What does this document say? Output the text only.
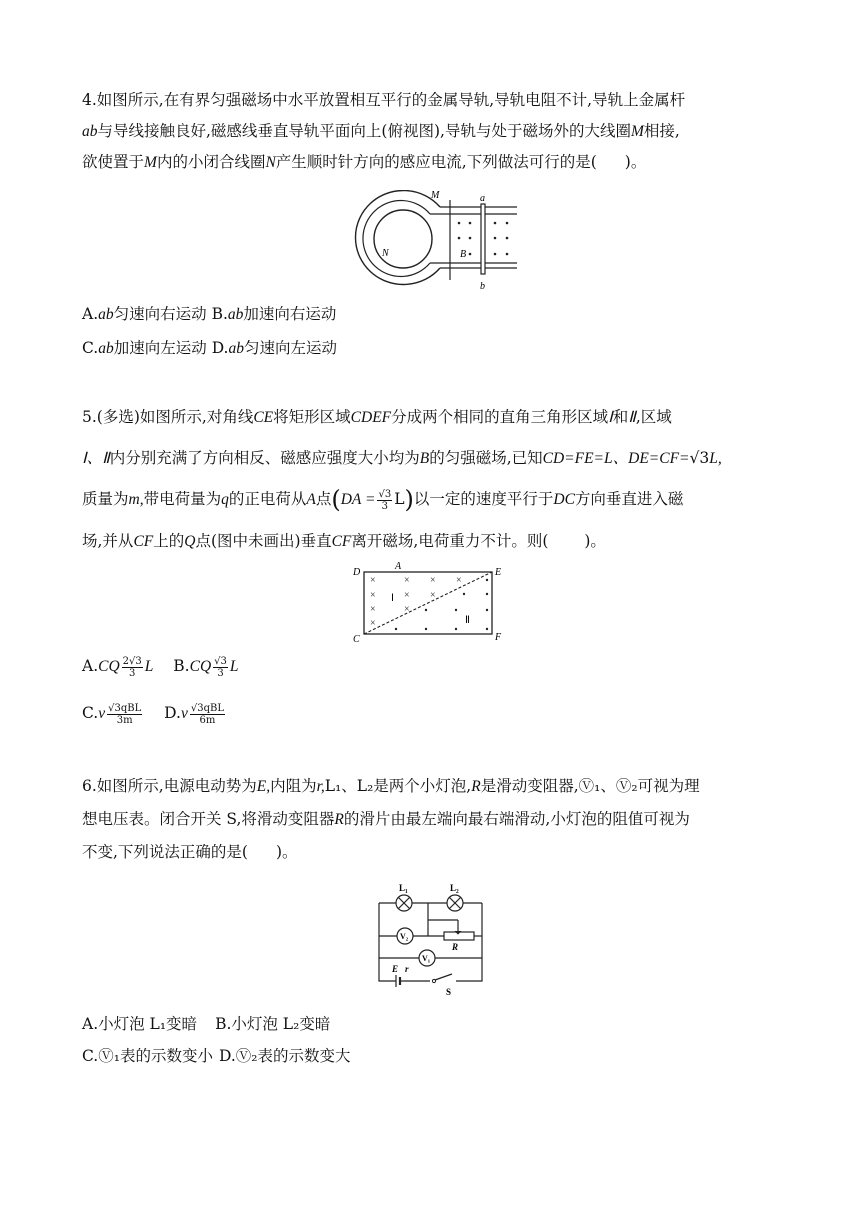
4.如图所示,在有界匀强磁场中水平放置相互平行的金属导轨,导轨电阻不计,导轨上金属杆

ab与导线接触良好,磁感线垂直导轨平面向上(俯视图),导轨与处于磁场外的大线圈M相接,

欲使置于M内的小闭合线圈N产生顺时针方向的感应电流,下列做法可行的是( )。

M
N
a
b
B
A.ab匀速向右运动 B.ab加速向右运动
C.ab加速向左运动 D.ab匀速向左运动

5.(多选)如图所示,对角线CE将矩形区域CDEF分成两个相同的直角三角形区域Ⅰ和Ⅱ,区域

Ⅰ、Ⅱ内分别充满了方向相反、磁感应强度大小均为B的匀强磁场,已知CD=FE=L、DE=CF=√3L,

质量为m,带电荷量为q的正电荷从A点$(DA = \frac{√3}{3} L)$以一定的速度平行于DC方向垂直进入磁

场,并从CF上的Q点(图中未画出)垂直CF离开磁场,电荷重力不计。则( )。

×	× × ×
×	× ×
×	×
×
D
A
E
C	F
Ⅰ
Ⅱ
$A.CQ \frac{2√3}{3}$ L $B.CQ \frac{√3}{3}$ L
$C.v \frac{\text{√3qBL}}{3m} D.v \frac{\text{√3qBL}}{6m}$

6.如图所示,电源电动势为E,内阻为r,L₁、L₂是两个小灯泡,R是滑动变阻器,Ⓥ₁、Ⓥ₂可视为理

想电压表。闭合开关 S,将滑动变阻器R的滑片由最左端向最右端滑动,小灯泡的阻值可视为

不变,下列说法正确的是( )。

L₁	L₂
V₂
V₁
R
E r
S
A.小灯泡 L₁变暗 B.小灯泡 L₂变暗
C.Ⓥ₁表的示数变小 D.Ⓥ₂表的示数变大
